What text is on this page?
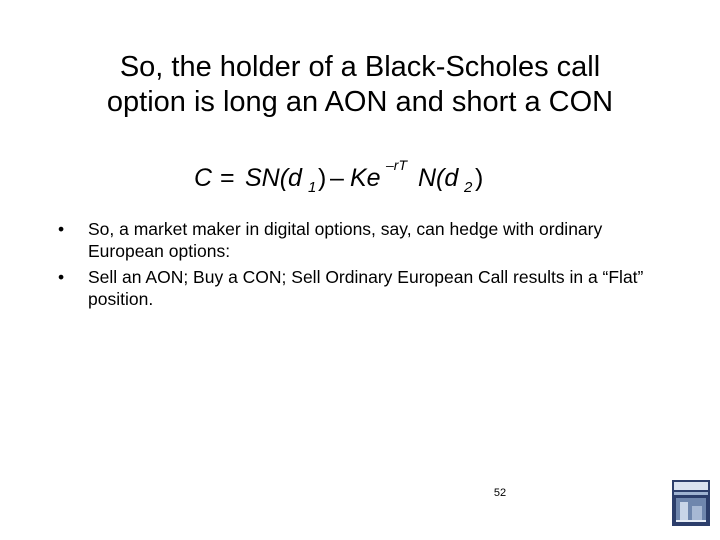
So, the holder of a Black-Scholes call
option is long an AON and short a CON
C = SN(d 1 ) – Ke –rT N(d 2 )
•	So, a market maker in digital options, say, can hedge with ordinary European options:
•	Sell an AON; Buy a CON; Sell Ordinary European Call results in a “Flat” position.
52
